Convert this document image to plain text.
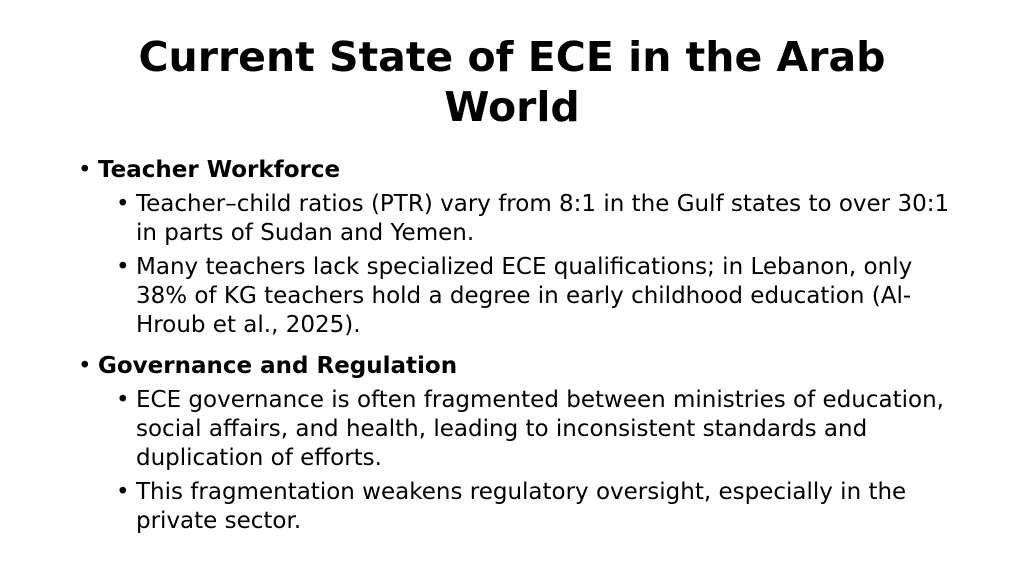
Current State of ECE in the Arab
World
• Teacher Workforce
• Teacher–child ratios (PTR) vary from 8:1 in the Gulf states to over 30:1 in parts of Sudan and Yemen.
• Many teachers lack specialized ECE qualifications; in Lebanon, only 38% of KG teachers hold a degree in early childhood education (Al-Hroub et al., 2025).
• Governance and Regulation
• ECE governance is often fragmented between ministries of education, social affairs, and health, leading to inconsistent standards and duplication of efforts.
• This fragmentation weakens regulatory oversight, especially in the private sector.
